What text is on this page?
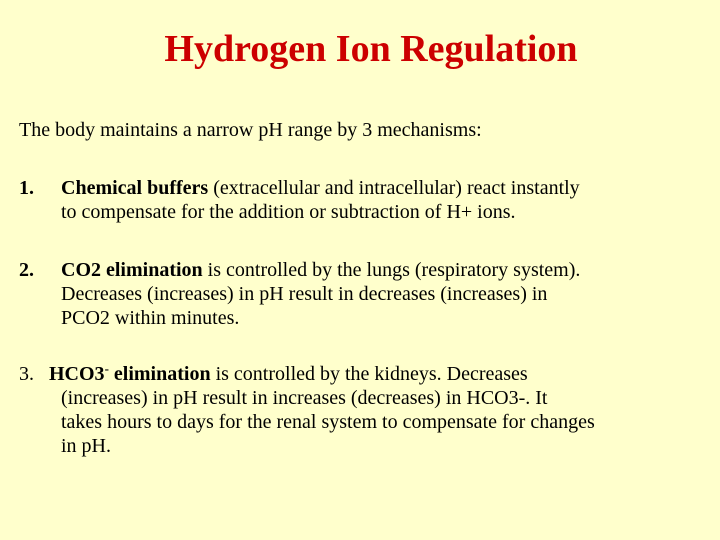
Hydrogen Ion Regulation
The body maintains a narrow pH range by 3 mechanisms:
1. Chemical buffers (extracellular and intracellular) react instantly
to compensate for the addition or subtraction of H+ ions.
2. CO2 elimination is controlled by the lungs (respiratory system).
Decreases (increases) in pH result in decreases (increases) in
PCO2 within minutes.
3. HCO3- elimination is controlled by the kidneys. Decreases
(increases) in pH result in increases (decreases) in HCO3-. It
takes hours to days for the renal system to compensate for changes
in pH.
